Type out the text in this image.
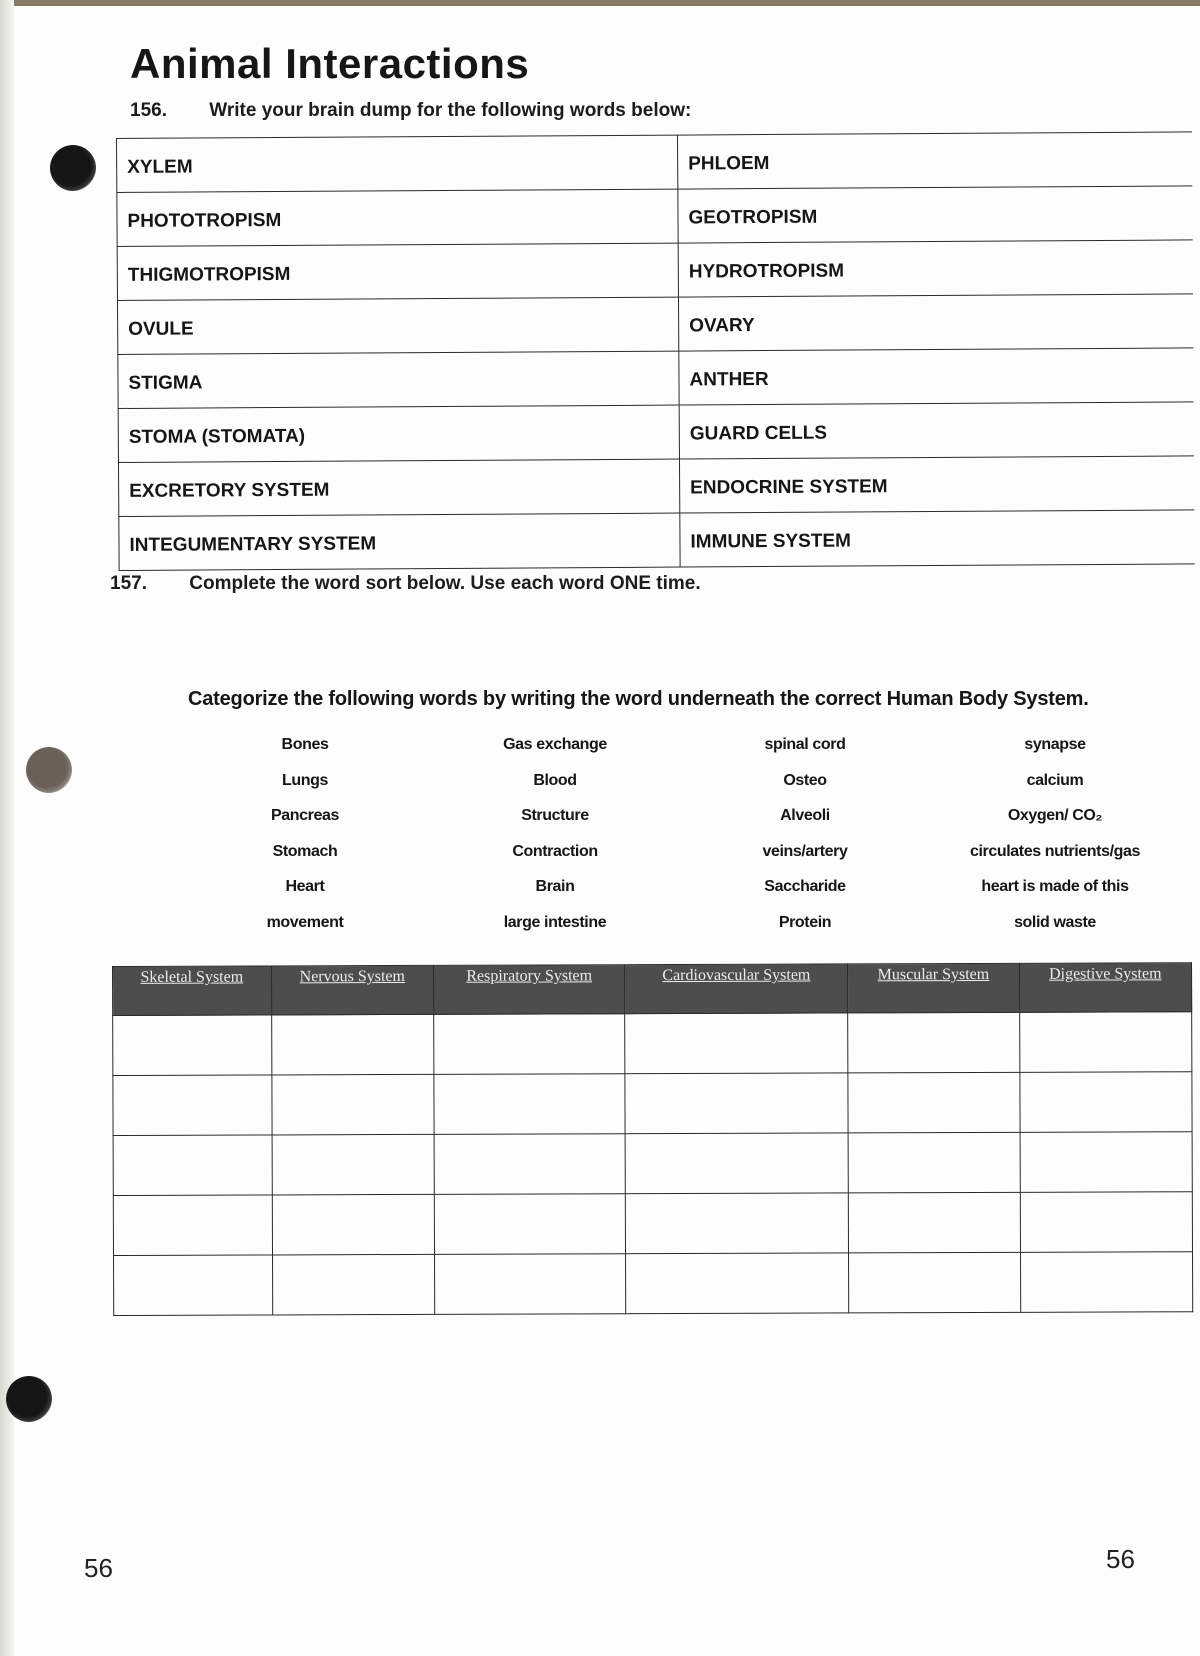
Animal Interactions
156. Write your brain dump for the following words below:
XYLEM	PHLOEM
PHOTOTROPISM	GEOTROPISM
THIGMOTROPISM	HYDROTROPISM
OVULE	OVARY
STIGMA	ANTHER
STOMA (STOMATA)	GUARD CELLS
EXCRETORY SYSTEM	ENDOCRINE SYSTEM
INTEGUMENTARY SYSTEM	IMMUNE SYSTEM
157. Complete the word sort below. Use each word ONE time.
Categorize the following words by writing the word underneath the correct Human Body System.
Bones	Gas exchange	spinal cord	synapse
Lungs	Blood	Osteo	calcium
Pancreas	Structure	Alveoli	Oxygen/ CO₂
Stomach	Contraction	veins/artery	circulates nutrients/gas
Heart	Brain	Saccharide	heart is made of this
movement	large intestine	Protein	solid waste
Skeletal System	Nervous System	Respiratory System	Cardiovascular System	Muscular System	Digestive System

56	56
